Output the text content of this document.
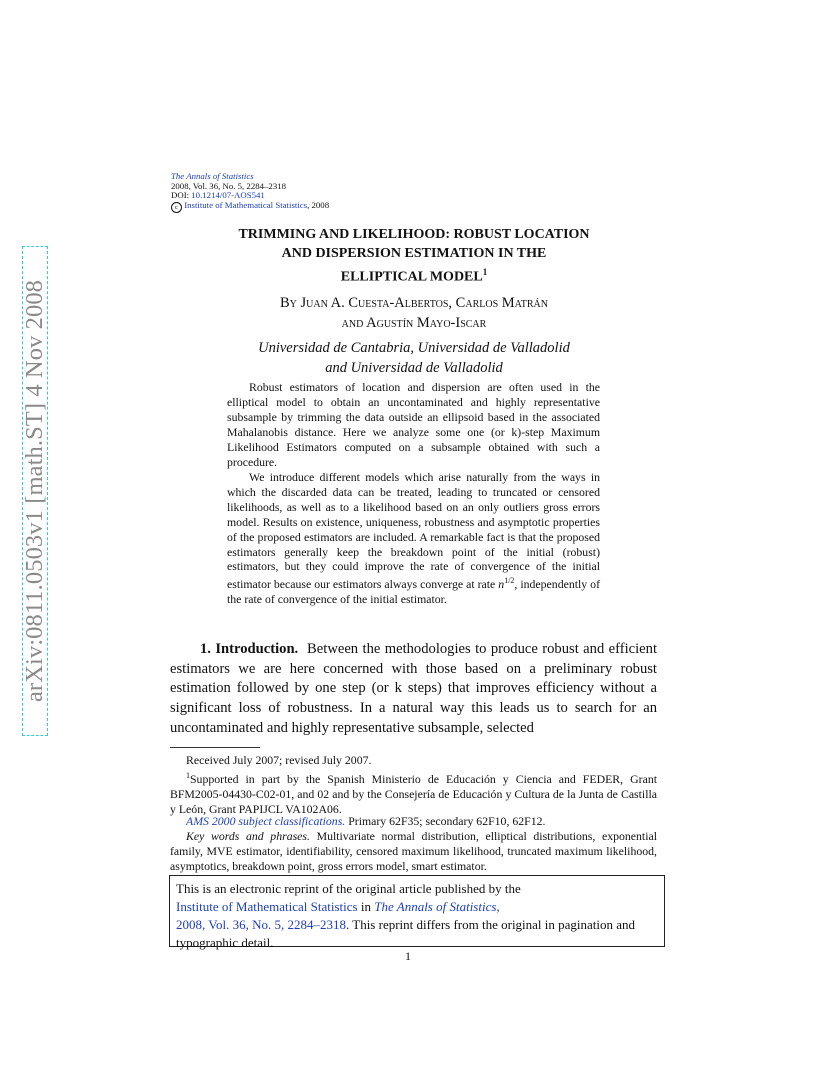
arXiv:0811.0503v1 [math.ST] 4 Nov 2008
The Annals of Statistics
2008, Vol. 36, No. 5, 2284–2318
DOI: 10.1214/07-AOS541
c Institute of Mathematical Statistics, 2008
TRIMMING AND LIKELIHOOD: ROBUST LOCATION
AND DISPERSION ESTIMATION IN THE
ELLIPTICAL MODEL$^1$
By Juan A. Cuesta-Albertos, Carlos Matrán
and Agustín Mayo-Iscar
Universidad de Cantabria, Universidad de Valladolid
and Universidad de Valladolid
Robust estimators of location and dispersion are often used in the elliptical model to obtain an uncontaminated and highly representative subsample by trimming the data outside an ellipsoid based in the associated Mahalanobis distance. Here we analyze some one (or k)-step Maximum Likelihood Estimators computed on a subsample obtained with such a procedure.
We introduce different models which arise naturally from the ways in which the discarded data can be treated, leading to truncated or censored likelihoods, as well as to a likelihood based on an only outliers gross errors model. Results on existence, uniqueness, robustness and asymptotic properties of the proposed estimators are included. A remarkable fact is that the proposed estimators generally keep the breakdown point of the initial (robust) estimators, but they could improve the rate of convergence of the initial estimator because our estimators always converge at rate $n^{1/2}$, independently of the rate of convergence of the initial estimator.
1. Introduction. Between the methodologies to produce robust and efficient estimators we are here concerned with those based on a preliminary robust estimation followed by one step (or k steps) that improves efficiency without a significant loss of robustness. In a natural way this leads us to search for an uncontaminated and highly representative subsample, selected
Received July 2007; revised July 2007.
$^1$Supported in part by the Spanish Ministerio de Educación y Ciencia and FEDER, Grant BFM2005-04430-C02-01, and 02 and by the Consejería de Educación y Cultura de la Junta de Castilla y León, Grant PAPIJCL VA102A06.
AMS 2000 subject classifications. Primary 62F35; secondary 62F10, 62F12.
Key words and phrases. Multivariate normal distribution, elliptical distributions, exponential family, MVE estimator, identifiability, censored maximum likelihood, truncated maximum likelihood, asymptotics, breakdown point, gross errors model, smart estimator.
This is an electronic reprint of the original article published by the
Institute of Mathematical Statistics in The Annals of Statistics,
2008, Vol. 36, No. 5, 2284–2318. This reprint differs from the original in pagination and typographic detail.
1
